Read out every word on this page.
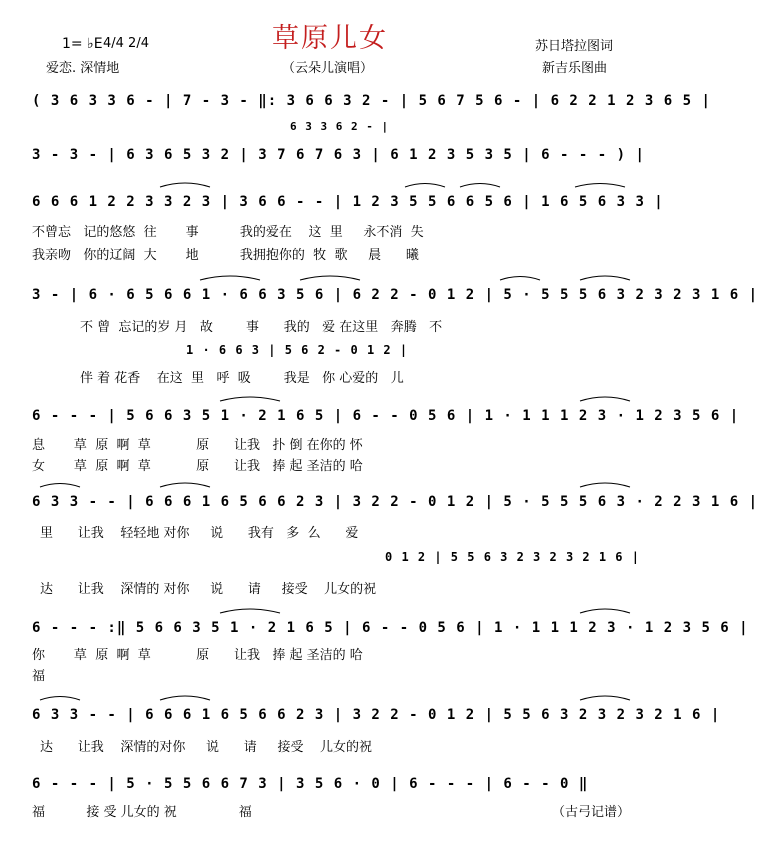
草原儿女
1= ♭E 4/4 2/4
爱恋. 深情地	（云朵儿演唱）
苏日塔拉图词
新吉乐图曲
( 3 6 3 3 6 - | 7 - 3 - ‖: 3 6 6 3 2 - | 5 6 7 5 6 - | 6 2 2 1 2 3 6 5 |
6 3 3 6 2 - |
3 - 3 - | 6 3 6 5 3 2 | 3 7 6 7 6 3 | 6 1 2 3 5 3 5 | 6 - - - ) |
6 6 6 1 2 2 3 3 2 3 | 3 6 6 - - | 1 2 3 5 5 6 6 5 6 | 1 6 5 6 3 3 |
3 - | 6 · 6 5 6 6 1 · 6 6 3 5 6 | 6 2 2 - 0 1 2 | 5 · 5 5 5 6 3 2 3 2 3 1 6 |
1 · 6 6 3 | 5 6 2 - 0 1 2 |
6 - - - | 5 6 6 3 5 1 · 2 1 6 5 | 6 - - 0 5 6 | 1 · 1 1 1 2 3 · 1 2 3 5 6 |
6 3 3 - - | 6 6 6 1 6 5 6 6 2 3 | 3 2 2 - 0 1 2 | 5 · 5 5 5 6 3 · 2 2 3 1 6 |
0 1 2 | 5 5 6 3 2 3 2 3 2 1 6 |
6 - - - :‖ 5 6 6 3 5 1 · 2 1 6 5 | 6 - - 0 5 6 | 1 · 1 1 1 2 3 · 1 2 3 5 6 |
6 3 3 - - | 6 6 6 1 6 5 6 6 2 3 | 3 2 2 - 0 1 2 | 5 5 6 3 2 3 2 3 2 1 6 |
6 - - - | 5 · 5 5 6 6 7 3 | 3 5 6 · 0 | 6 - - - | 6 - - 0 ‖
不曾忘   记的悠悠  往       事          我的爱在    这  里     永不消  失
我亲吻   你的辽阔  大       地          我拥抱你的  牧  歌     晨      曦
不 曾  忘记的岁 月   故        事      我的   爱 在这里   奔腾   不
伴 着 花香    在这  里   呼  吸        我是   你 心爱的   儿
息       草  原  啊  草           原      让我   扑 倒 在你的 怀
女       草  原  啊  草           原      让我   捧 起 圣洁的 哈
里      让我    轻轻地 对你     说      我有   多  么      爱
达      让我    深情的 对你     说      请     接受    儿女的祝
你       草  原  啊  草           原      让我   捧 起 圣洁的 哈
福
达      让我    深情的对你     说      请     接受    儿女的祝
福          接 受 儿女的 祝               福	（古弓记谱）
